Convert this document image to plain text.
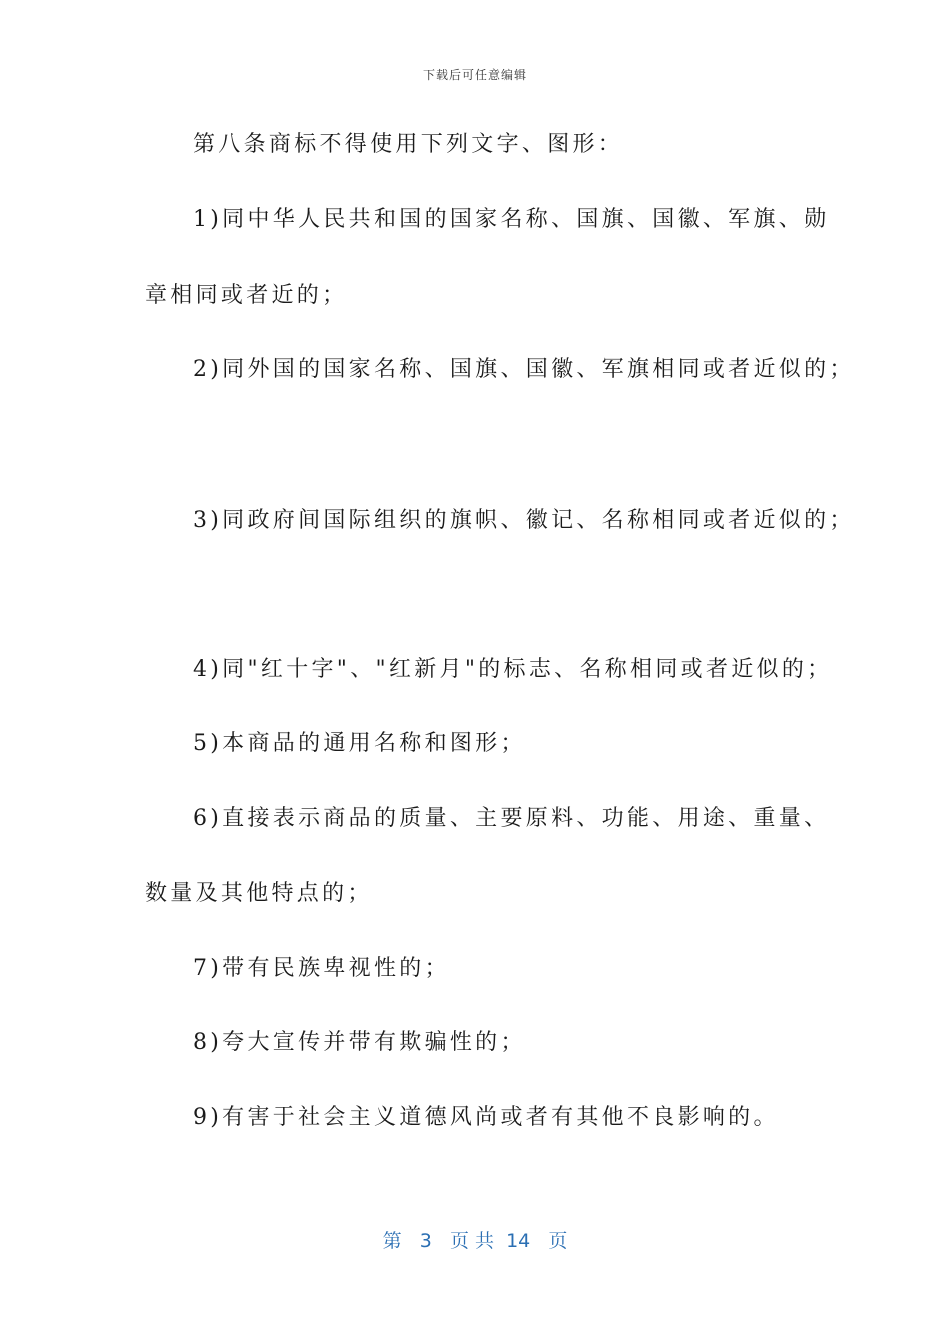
下载后可任意编辑
第八条商标不得使用下列文字、图形：
1)同中华人民共和国的国家名称、国旗、国徽、军旗、勋
章相同或者近的；
2)同外国的国家名称、国旗、国徽、军旗相同或者近似的；
3)同政府间国际组织的旗帜、徽记、名称相同或者近似的；
4)同"红十字"、"红新月"的标志、名称相同或者近似的；
5)本商品的通用名称和图形；
6)直接表示商品的质量、主要原料、功能、用途、重量、
数量及其他特点的；
7)带有民族卑视性的；
8)夸大宣传并带有欺骗性的；
9)有害于社会主义道德风尚或者有其他不良影响的。
第 3 页 共 14 页
